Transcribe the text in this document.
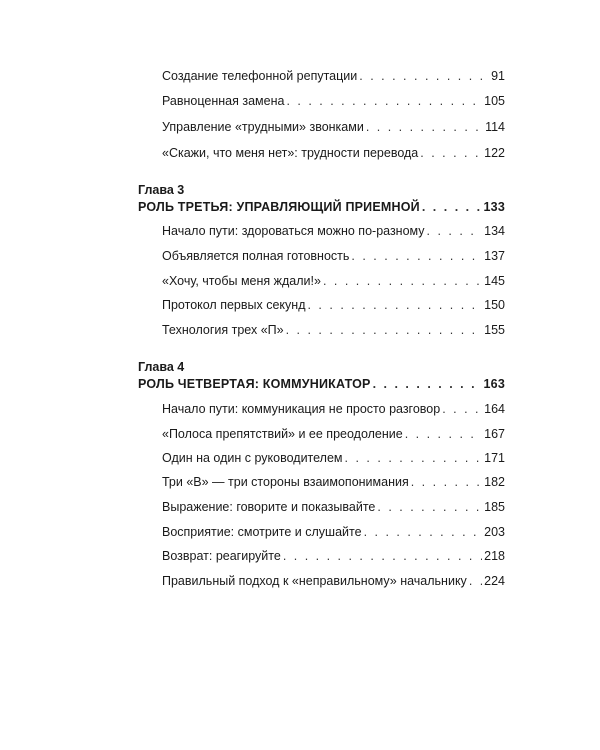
Создание телефонной репутации . . .	91
Равноценная замена . . .	105
Управление «трудными» звонками . . .	114
«Скажи, что меня нет»: трудности перевода . . .	122
Глава 3
РОЛЬ ТРЕТЬЯ: УПРАВЛЯЮЩИЙ ПРИЕМНОЙ . . .	133
Начало пути: здороваться можно по-разному . . .	134
Объявляется полная готовность . . .	137
«Хочу, чтобы меня ждали!» . . .	145
Протокол первых секунд . . .	150
Технология трех «П» . . .	155
Глава 4
РОЛЬ ЧЕТВЕРТАЯ: КОММУНИКАТОР . . .	163
Начало пути: коммуникация не просто разговор . . .	164
«Полоса препятствий» и ее преодоление . . .	167
Один на один с руководителем . . .	171
Три «В» — три стороны взаимопонимания . . .	182
Выражение: говорите и показывайте . . .	185
Восприятие: смотрите и слушайте . . .	203
Возврат: реагируйте . . .	218
Правильный подход к «неправильному» начальнику . . . 224
